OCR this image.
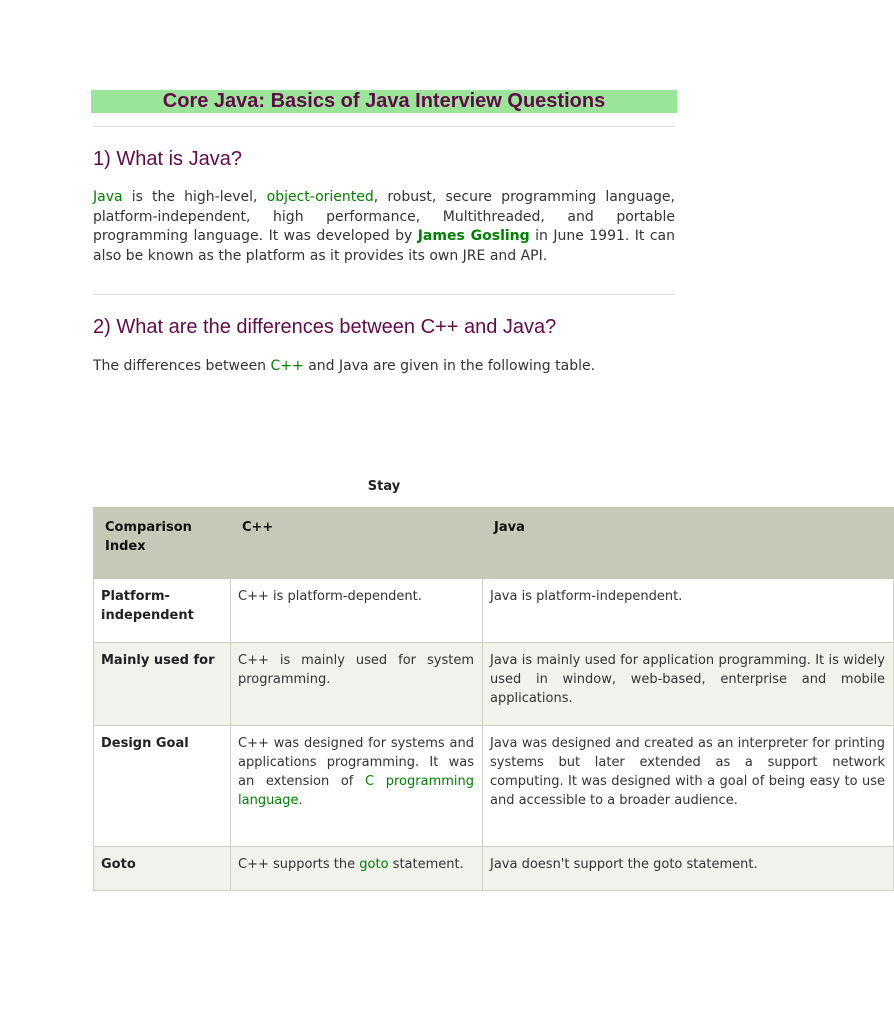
Core Java: Basics of Java Interview Questions
1) What is Java?

Java is the high-level, object-oriented, robust, secure programming language, platform-independent, high performance, Multithreaded, and portable programming language. It was developed by James Gosling in June 1991. It can also be known as the platform as it provides its own JRE and API.

2) What are the differences between C++ and Java?

The differences between C++ and Java are given in the following table.

Stay
Comparison Index	C++	Java
Platform-independent	C++ is platform-dependent.	Java is platform-independent.
Mainly used for	C++ is mainly used for system programming.	Java is mainly used for application programming. It is widely used in window, web-based, enterprise and mobile applications.
Design Goal	C++ was designed for systems and applications programming. It was an extension of C programming language.	Java was designed and created as an interpreter for printing systems but later extended as a support network computing. It was designed with a goal of being easy to use and accessible to a broader audience.
Goto	C++ supports the goto statement.	Java doesn't support the goto statement.
